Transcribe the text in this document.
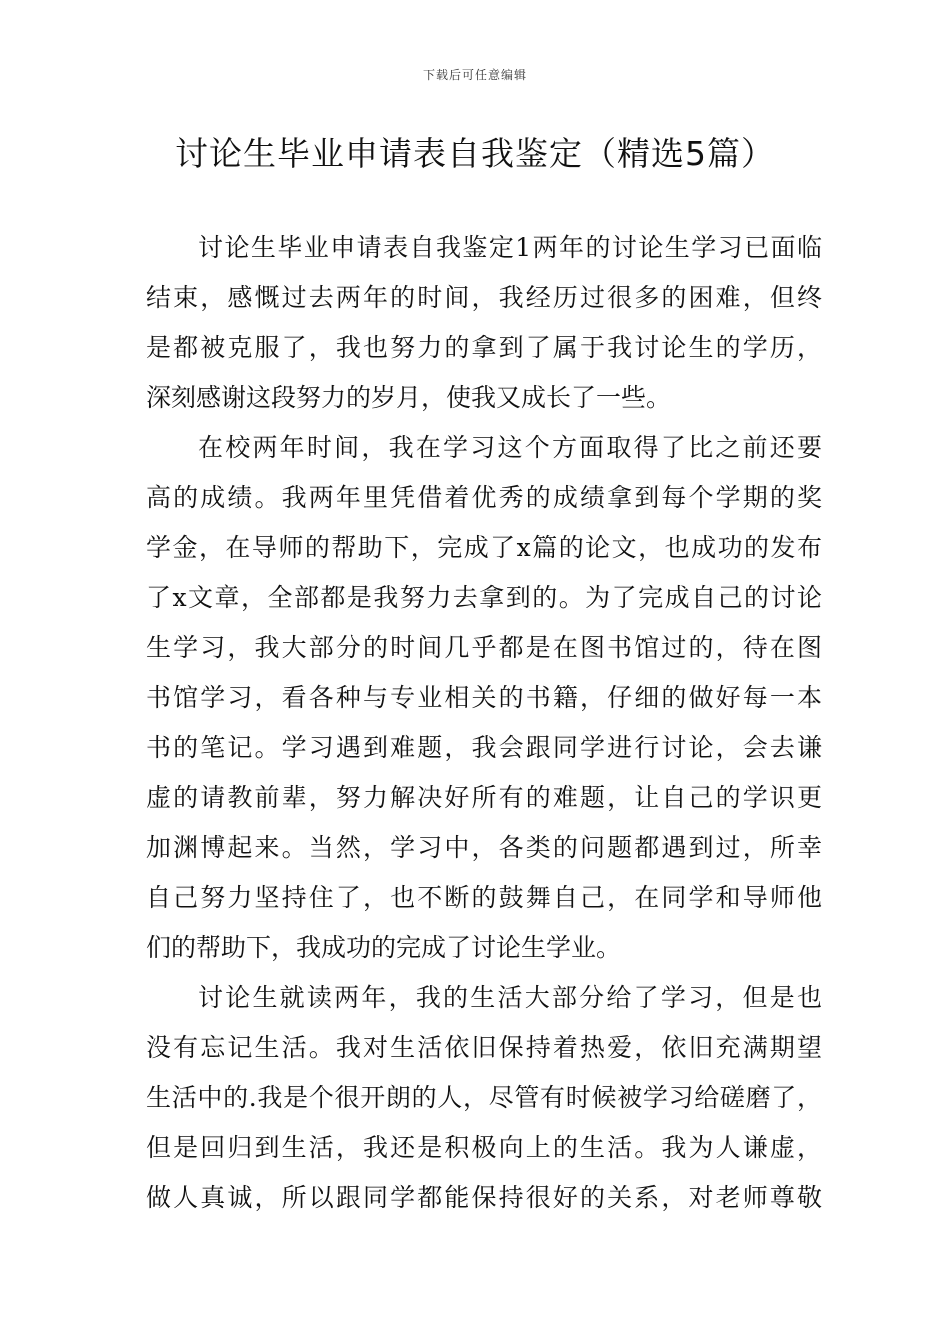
下载后可任意编辑
讨论生毕业申请表自我鉴定（精选5篇）
讨论生毕业申请表自我鉴定1两年的讨论生学习已面临
结束，感慨过去两年的时间，我经历过很多的困难，但终
是都被克服了，我也努力的拿到了属于我讨论生的学历，
深刻感谢这段努力的岁月，使我又成长了一些。
在校两年时间，我在学习这个方面取得了比之前还要
高的成绩。我两年里凭借着优秀的成绩拿到每个学期的奖
学金，在导师的帮助下，完成了x篇的论文，也成功的发布
了x文章，全部都是我努力去拿到的。为了完成自己的讨论
生学习，我大部分的时间几乎都是在图书馆过的，待在图
书馆学习，看各种与专业相关的书籍，仔细的做好每一本
书的笔记。学习遇到难题，我会跟同学进行讨论，会去谦
虚的请教前辈，努力解决好所有的难题，让自己的学识更
加渊博起来。当然，学习中，各类的问题都遇到过，所幸
自己努力坚持住了，也不断的鼓舞自己，在同学和导师他
们的帮助下，我成功的完成了讨论生学业。
讨论生就读两年，我的生活大部分给了学习，但是也
没有忘记生活。我对生活依旧保持着热爱，依旧充满期望
生活中的.我是个很开朗的人，尽管有时候被学习给磋磨了，
但是回归到生活，我还是积极向上的生活。我为人谦虚，
做人真诚，所以跟同学都能保持很好的关系，对老师尊敬
